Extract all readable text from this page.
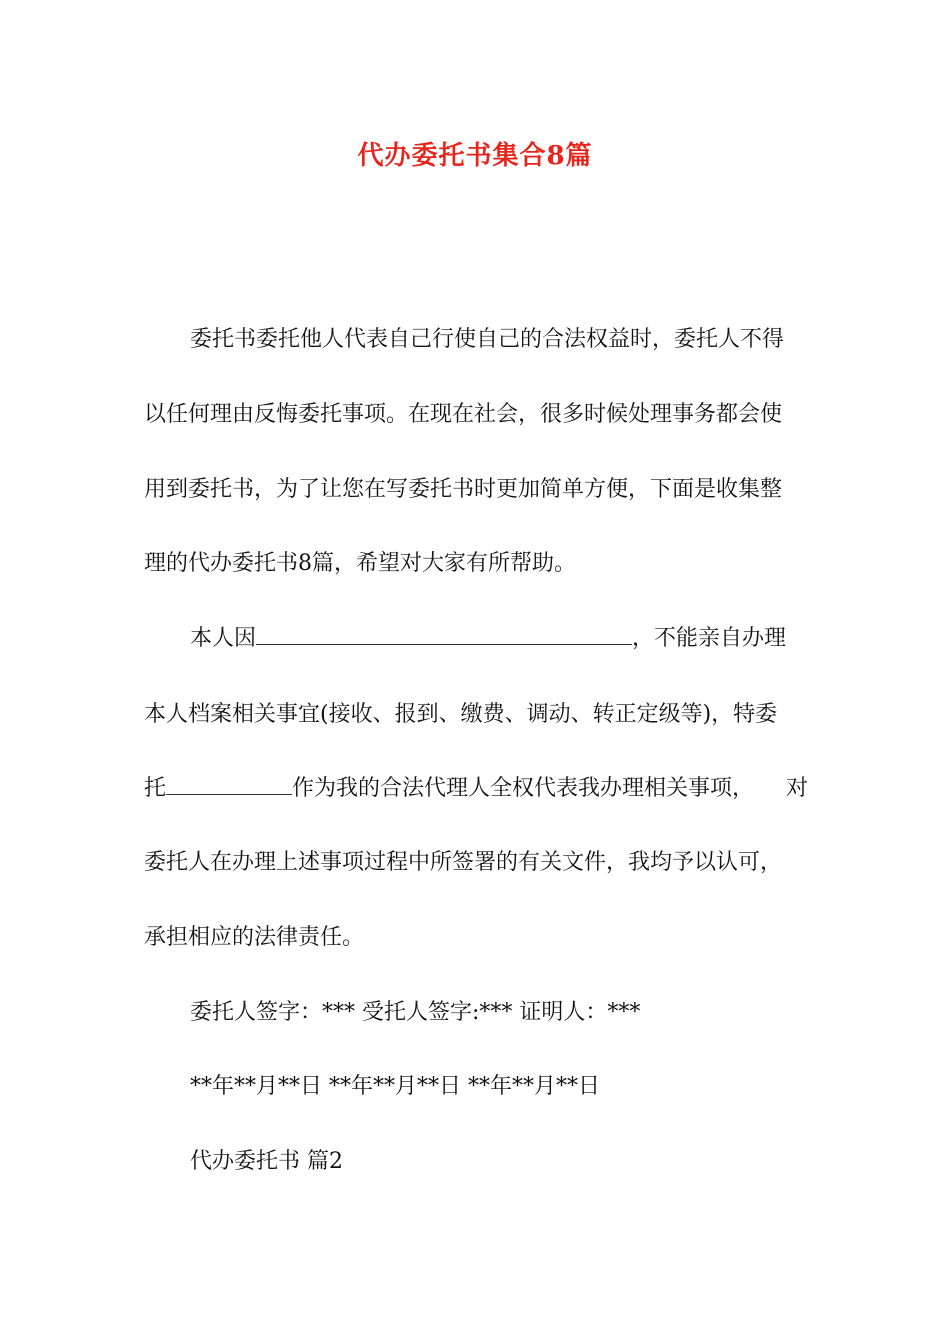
代办委托书集合8篇
委托书委托他人代表自己行使自己的合法权益时，委托人不得
以任何理由反悔委托事项。在现在社会，很多时候处理事务都会使
用到委托书，为了让您在写委托书时更加简单方便，下面是收集整
理的代办委托书8篇，希望对大家有所帮助。
本人因	，不能亲自办理
本人档案相关事宜(接收、报到、缴费、调动、转正定级等)，特委
托	作为我的合法代理人全权代表我办理相关事项， 对
委托人在办理上述事项过程中所签署的有关文件，我均予以认可，
承担相应的法律责任。
委托人签字：*** 受托人签字:*** 证明人：***
**年**月**日 **年**月**日 **年**月**日
代办委托书 篇2
